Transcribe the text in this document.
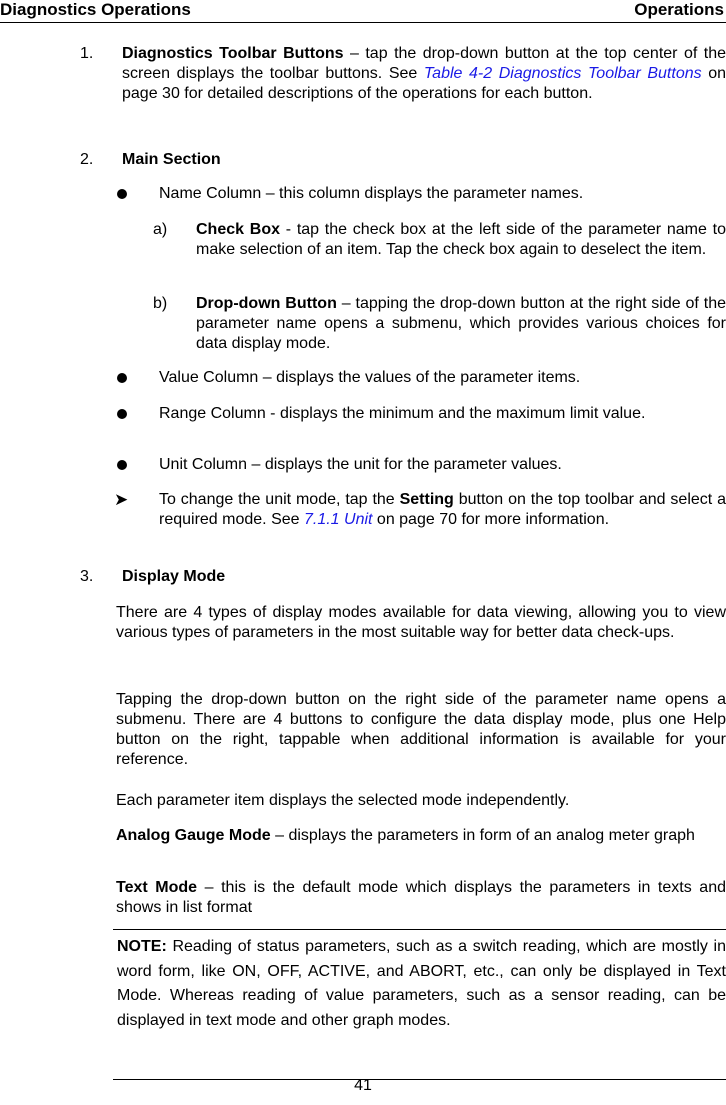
Diagnostics Operations	Operations
1. Diagnostics Toolbar Buttons – tap the drop-down button at the top center of the screen displays the toolbar buttons. See Table 4-2 Diagnostics Toolbar Buttons on page 30 for detailed descriptions of the operations for each button.
2. Main Section
Name Column – this column displays the parameter names.
a) Check Box - tap the check box at the left side of the parameter name to make selection of an item. Tap the check box again to deselect the item.
b) Drop-down Button – tapping the drop-down button at the right side of the parameter name opens a submenu, which provides various choices for data display mode.
Value Column – displays the values of the parameter items.
Range Column - displays the minimum and the maximum limit value.
Unit Column – displays the unit for the parameter values.
➤ To change the unit mode, tap the Setting button on the top toolbar and select a required mode. See 7.1.1 Unit on page 70 for more information.
3. Display Mode
There are 4 types of display modes available for data viewing, allowing you to view various types of parameters in the most suitable way for better data check-ups.
Tapping the drop-down button on the right side of the parameter name opens a submenu. There are 4 buttons to configure the data display mode, plus one Help button on the right, tappable when additional information is available for your reference.
Each parameter item displays the selected mode independently.
Analog Gauge Mode – displays the parameters in form of an analog meter graph
Text Mode – this is the default mode which displays the parameters in texts and shows in list format

NOTE: Reading of status parameters, such as a switch reading, which are mostly in word form, like ON, OFF, ACTIVE, and ABORT, etc., can only be displayed in Text Mode. Whereas reading of value parameters, such as a sensor reading, can be displayed in text mode and other graph modes.

41
